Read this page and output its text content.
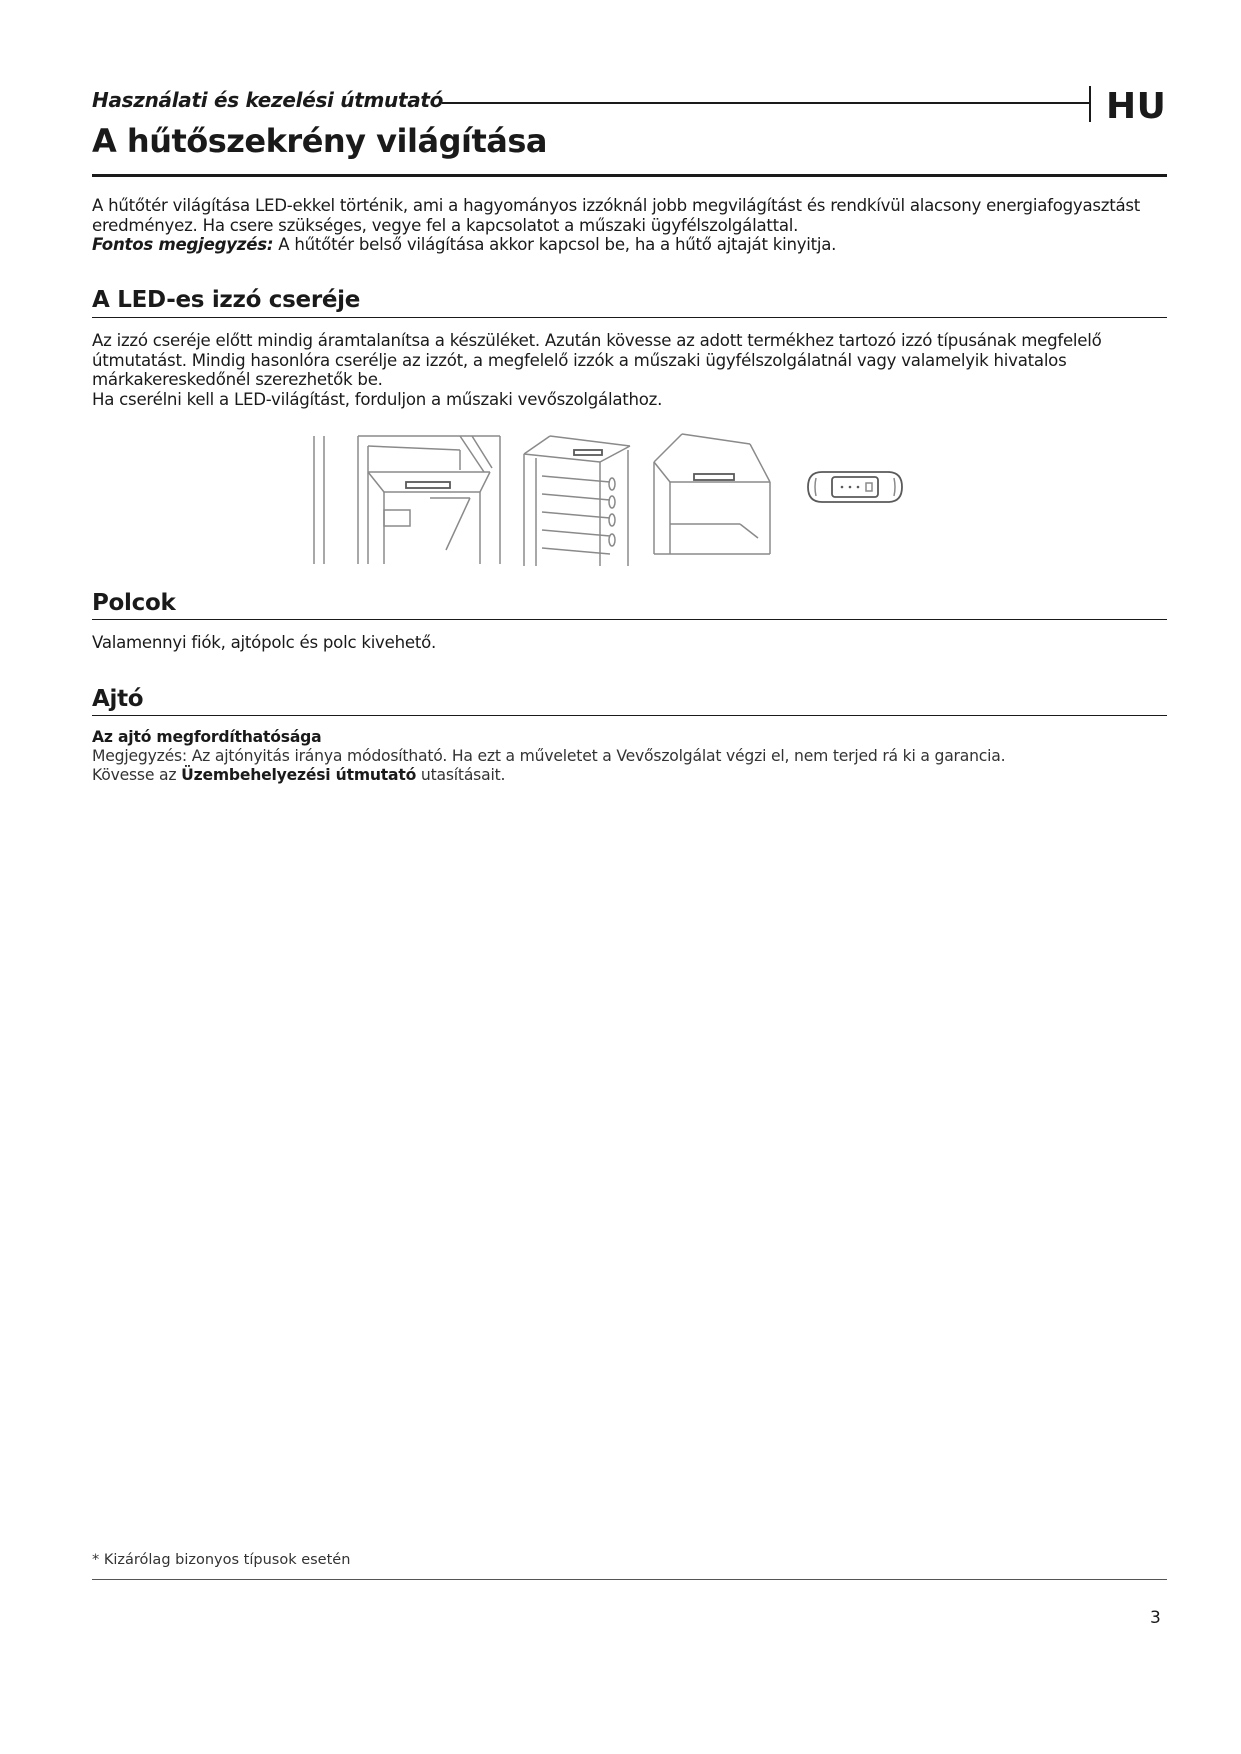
Használati és kezelési útmutató	HU
A hűtőszekrény világítása
A hűtőtér világítása LED-ekkel történik, ami a hagyományos izzóknál jobb megvilágítást és rendkívül alacsony energiafogyasztást eredményez. Ha csere szükséges, vegye fel a kapcsolatot a műszaki ügyfélszolgálattal.
Fontos megjegyzés: A hűtőtér belső világítása akkor kapcsol be, ha a hűtő ajtaját kinyitja.
A LED-es izzó cseréje
Az izzó cseréje előtt mindig áramtalanítsa a készüléket. Azután kövesse az adott termékhez tartozó izzó típusának megfelelő útmutatást. Mindig hasonlóra cserélje az izzót, a megfelelő izzók a műszaki ügyfélszolgálatnál vagy valamelyik hivatalos márkakereskedőnél szerezhetők be.
Ha cserélni kell a LED-világítást, forduljon a műszaki vevőszolgálathoz.
Polcok
Valamennyi fiók, ajtópolc és polc kivehető.
Ajtó
Az ajtó megfordíthatósága
Megjegyzés: Az ajtónyitás iránya módosítható. Ha ezt a műveletet a Vevőszolgálat végzi el, nem terjed rá ki a garancia.
Kövesse az Üzembehelyezési útmutató utasításait.
* Kizárólag bizonyos típusok esetén
3
